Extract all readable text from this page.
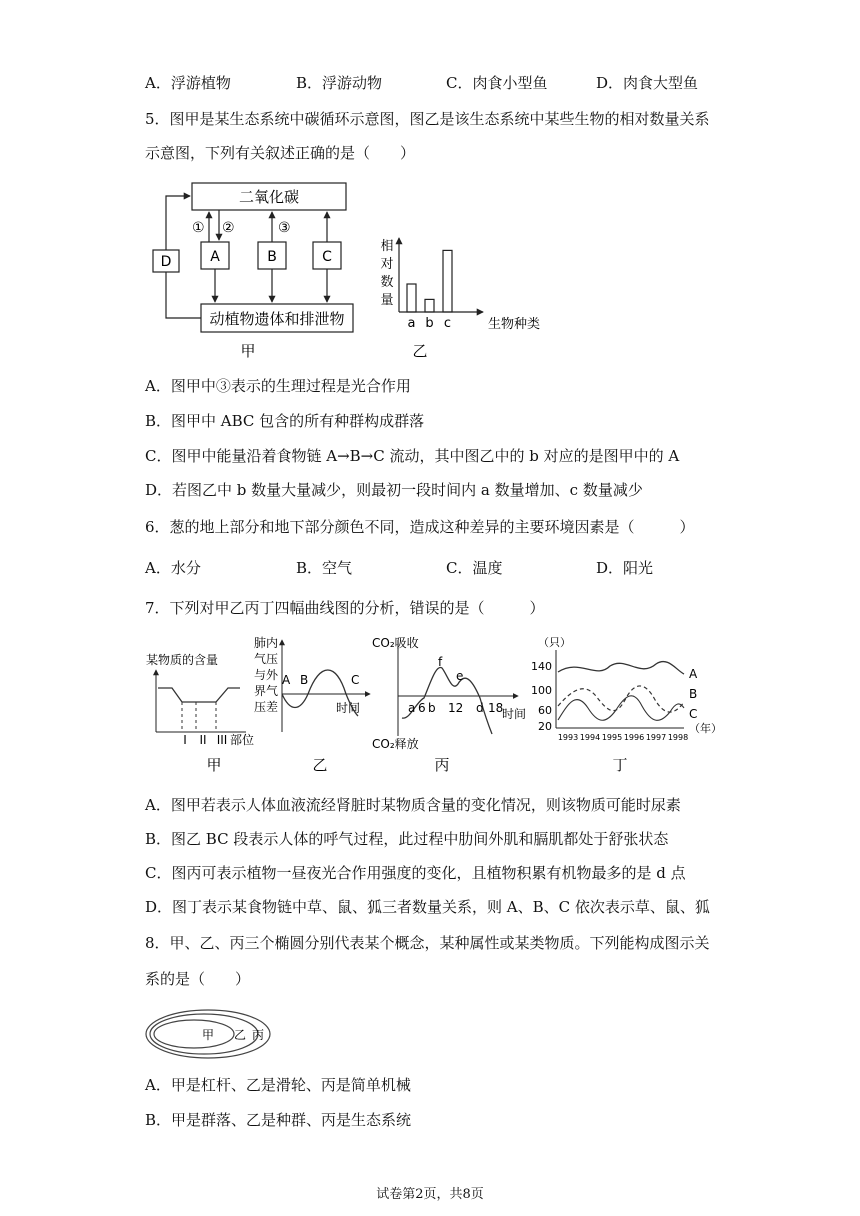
A．浮游植物	B．浮游动物	C．肉食小型鱼	D．肉食大型鱼
5．图甲是某生态系统中碳循环示意图，图乙是该生态系统中某些生物的相对数量关系
示意图，下列有关叙述正确的是（　　）
二氧化碳
动植物遗体和排泄物
A	B	C
D
① ②	③
甲
相
对
数
量
a b c	生物种类
乙
A．图甲中③表示的生理过程是光合作用
B．图甲中 ABC 包含的所有种群构成群落
C．图甲中能量沿着食物链 A→B→C 流动，其中图乙中的 b 对应的是图甲中的 A
D．若图乙中 b 数量大量减少，则最初一段时间内 a 数量增加、c 数量减少
6．葱的地上部分和地下部分颜色不同，造成这种差异的主要环境因素是（　　　）
A．水分	B．空气	C．温度	D．阳光
7．下列对甲乙丙丁四幅曲线图的分析，错误的是（　　　）
某物质的含量
I II III 部位
甲
肺内
气压
与外
界气
压差
A B	C
时间
乙
CO₂吸收
CO₂释放
a 6 b
f
e
12 d 18
时间
丙
（只）
140
100
60
20
A
B
C
（年）
1993 1994 1995 1996 1997 1998
丁
A．图甲若表示人体血液流经肾脏时某物质含量的变化情况，则该物质可能时尿素
B．图乙 BC 段表示人体的呼气过程，此过程中肋间外肌和膈肌都处于舒张状态
C．图丙可表示植物一昼夜光合作用强度的变化，且植物积累有机物最多的是 d 点
D．图丁表示某食物链中草、鼠、狐三者数量关系，则 A、B、C 依次表示草、鼠、狐
8．甲、乙、丙三个椭圆分别代表某个概念，某种属性或某类物质。下列能构成图示关
系的是（　　）
甲 乙 丙
A．甲是杠杆、乙是滑轮、丙是简单机械
B．甲是群落、乙是种群、丙是生态系统
试卷第2页，共8页
